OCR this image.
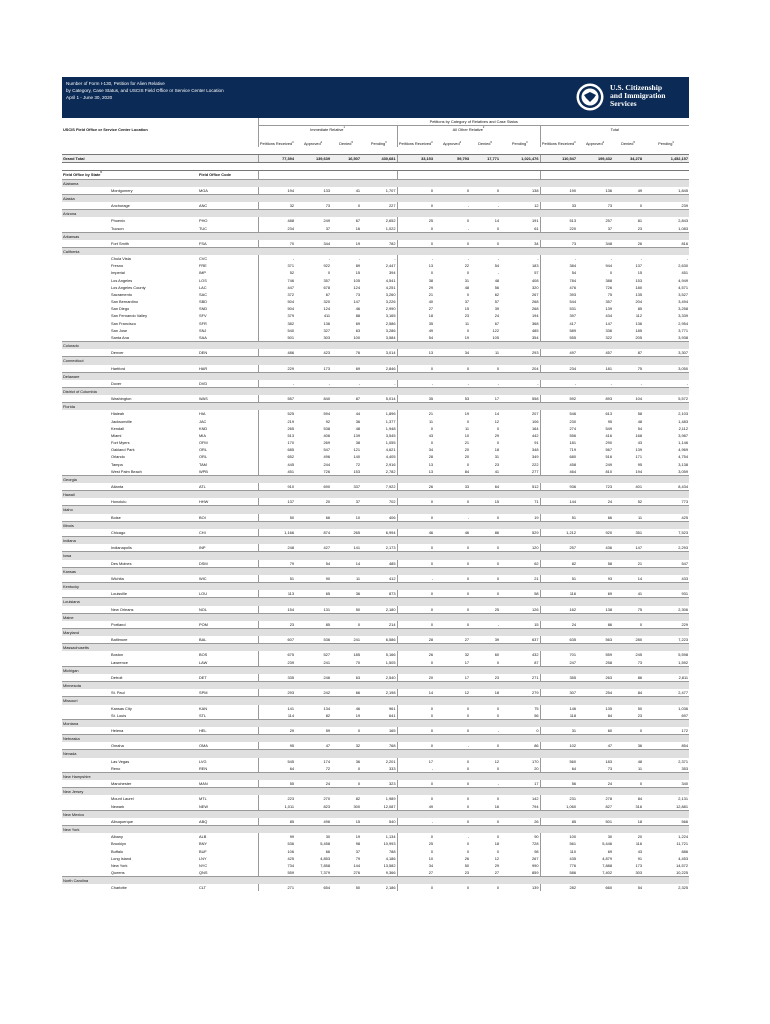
Number of Form I-130, Petition for Alien Relative
by Category, Case Status, and USCIS Field Office or Service Center Location
April 1 - June 30, 2020
U.S. Citizenship
and Immigration
Services
			Petitions by Category of Relatives and Case Status											
USCIS Field Office or Service Center Location			Immediate Relative$^1$				All Other Relative$^2$				Total			
			Petitions Received$^3$	Approved$^4$	Denied$^5$	Pending$^3$	Petitions Received$^3$	Approved$^4$	Denied$^5$	Pending$^3$	Petitions Received$^3$	Approved$^4$	Denied$^5$	Pending$^3$

Grand Total			77,394	139,639	16,507	430,681	33,153	59,793	17,771	1,021,476	110,547	199,432	34,278	1,452,157

Field Office by State$^6$		Field Office Code												
Alabama														
	Montgomery	MGA	194	133	41	1,707	0	0	0	138	190	136	49	1,845
Alaska														
	Anchorage	ANC	32	73	0	227	0	-	-	12	33	73	0	239
Arizona														
	Phoenix	PHO	488	249	67	2,652	25	0	14	191	513	257	81	2,843
	Tucson	TUC	234	37	16	1,022	0	-	0	61	220	37	23	1,083
Arkansas														
	Fort Smith	FSA	70	344	19	782	0	0	0	34	73	348	26	816
California														
	Chula Vista	CVC	-	-	-	-	-	-	-	-	-	-	-	-
	Fresno	FRE	371	922	89	2,447	13	22	54	183	384	944	137	2,630
	Imperial	IMP	52	0	15	394	0	0	-	57	54	0	15	451
	Los Angeles	LOS	746	357	105	4,541	38	31	48	408	784	388	153	4,949
	Los Angeles County	LAC	447	678	124	4,251	29	48	56	320	476	726	180	4,571
	Sacramento	SAC	372	67	73	3,260	21	0	62	267	393	75	135	3,527
	San Bernardino	SBD	504	320	147	3,226	40	37	57	268	544	357	204	3,494
	San Diego	SND	504	124	46	2,990	27	15	39	268	531	139	85	3,258
	San Fernando Valley	SFV	379	411	88	3,165	18	23	24	194	397	434	112	3,339
	San Francisco	SFR	382	136	69	2,586	35	11	67	368	417	147	136	2,954
	San Jose	SNJ	540	327	63	3,286	49	0	122	485	589	336	185	3,771
	Santa Ana	SAA	501	303	100	3,584	54	19	105	354	555	322	205	3,938
Colorado														
	Denver	DEN	486	423	76	3,014	13	34	11	293	497	457	87	3,307
Connecticut														
	Hartford	HAR	229	173	69	2,846	0	0	0	204	234	181	75	3,050
Delaware														
	Dover	DVD	-	-	-	-	-	-	-	-	-	-	-	-
District of Columbia														
	Washington	WAS	557	840	87	5,014	35	53	17	558	592	893	104	5,572
Florida														
	Hialeah	HIA	525	594	44	1,896	21	19	14	207	546	613	58	2,103
	Jacksonville	JAC	219	92	36	1,377	11	0	12	106	230	95	48	1,483
	Kendall	KND	265	538	48	1,948	0	11	0	164	274	549	54	2,112
	Miami	MIA	513	406	139	3,545	43	10	29	442	556	416	168	3,987
	Fort Myers	OFM	170	269	38	1,055	0	21	0	91	181	290	43	1,146
	Oakland Park	ORL	685	547	121	4,621	34	20	18	348	719	567	139	4,969
	Orlando	ORL	652	496	140	4,405	28	20	31	349	680	516	171	4,754
	Tampa	TAM	445	244	72	2,916	13	0	23	222	458	249	95	3,138
	West Palm Beach	WPB	451	726	153	2,782	13	84	41	277	464	810	194	3,059
Georgia														
	Atlanta	ATL	910	690	337	7,922	26	33	64	512	936	723	401	8,434
Hawaii														
	Honolulu	HHW	137	20	37	702	0	0	15	71	144	24	52	773
Idaho														
	Boise	BOI	50	66	10	406	0	-	0	19	51	66	11	425
Illinois														
	Chicago	CHI	1,166	874	265	6,994	46	46	86	529	1,212	920	351	7,523
Indiana														
	Indianapolis	INP	248	427	141	2,173	0	0	0	120	257	436	147	2,293
Iowa														
	Des Moines	DSM	79	54	14	485	0	0	0	62	82	58	21	547
Kansas														
	Wichita	WIC	51	90	11	412	-	0	0	21	51	93	14	433
Kentucky														
	Louisville	LOU	113	65	36	873	0	0	0	58	116	69	41	931
Louisiana														
	New Orleans	NOL	154	131	50	2,180	0	0	25	126	162	138	75	2,306
Maine														
	Portland	POM	23	85	0	214	0	0	-	15	24	86	0	229
Maryland														
	Baltimore	BAL	607	536	241	6,586	28	27	39	637	635	563	280	7,223
Massachusetts														
	Boston	BOS	675	527	185	5,166	26	32	60	432	701	559	245	5,598
	Lawrence	LAW	239	241	70	1,505	0	17	0	87	247	258	73	1,592
Michigan														
	Detroit	DET	335	246	63	2,540	20	17	23	271	355	263	86	2,811
Minnesota														
	St. Paul	SPM	293	242	66	2,198	14	12	18	279	307	254	84	2,477
Missouri														
	Kansas City	KAN	141	134	46	961	0	0	0	75	146	135	50	1,036
	St. Louis	STL	114	82	19	641	0	0	0	56	118	84	23	697
Montana														
	Helena	HEL	29	59	0	165	0	0	-	0	31	60	0	172
Nebraska														
	Omaha	OMA	95	47	32	768	0	-	0	86	102	47	36	854
Nevada														
	Las Vegas	LVG	545	174	36	2,201	17	0	12	170	560	183	48	2,371
	Reno	REN	64	72	0	333	-	0	0	20	64	73	11	353
New Hampshire														
	Manchester	MAN	55	24	0	323	0	0	-	17	56	24	0	340
New Jersey														
	Mount Laurel	MTL	223	270	82	1,989	0	0	0	142	231	278	84	2,131
	Newark	NEW	1,011	823	300	12,087	49	0	16	794	1,060	827	316	12,881
New Mexico														
	Albuquerque	ABQ	85	496	15	540	-	0	0	26	85	501	18	566
New York														
	Albany	ALB	99	30	19	1,134	0	-	0	90	100	30	20	1,224
	Brooklyn	BNY	536	5,458	98	10,993	25	0	18	728	561	5,446	116	11,721
	Buffalo	BUF	106	66	37	788	0	0	0	98	110	69	43	886
	Long Island	LNY	425	4,853	79	4,186	10	26	12	267	435	4,879	91	4,453
	New York	NYC	734	7,858	144	13,582	34	50	29	990	776	7,888	173	14,572
	Queens	QNS	559	7,379	276	9,366	27	23	27	859	586	7,402	303	10,225
North Carolina														
	Charlotte	CLT	271	654	50	2,186	0	0	0	139	282	660	54	2,325
